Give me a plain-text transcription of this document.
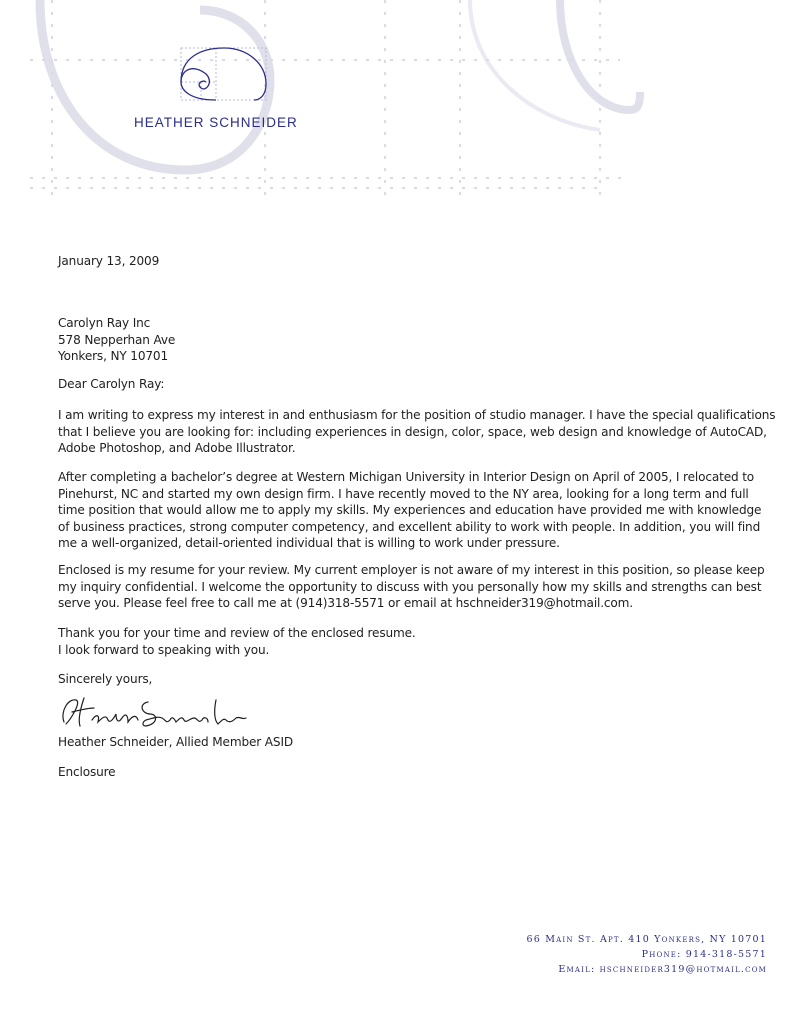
HEATHER SCHNEIDER
January 13, 2009
Carolyn Ray Inc
578 Nepperhan Ave
Yonkers, NY 10701
Dear Carolyn Ray:
I am writing to express my interest in and enthusiasm for the position of studio manager. I have the special qualifications
that I believe you are looking for: including experiences in design, color, space, web design and knowledge of AutoCAD,
Adobe Photoshop, and Adobe Illustrator.
After completing a bachelor’s degree at Western Michigan University in Interior Design on April of 2005, I relocated to
Pinehurst, NC and started my own design firm. I have recently moved to the NY area, looking for a long term and full
time position that would allow me to apply my skills. My experiences and education have provided me with knowledge
of business practices, strong computer competency, and excellent ability to work with people. In addition, you will find
me a well-organized, detail-oriented individual that is willing to work under pressure.
Enclosed is my resume for your review. My current employer is not aware of my interest in this position, so please keep
my inquiry confidential. I welcome the opportunity to discuss with you personally how my skills and strengths can best
serve you. Please feel free to call me at (914)318-5571 or email at hschneider319@hotmail.com.
Thank you for your time and review of the enclosed resume.
I look forward to speaking with you.
Sincerely yours,
Heather Schneider, Allied Member ASID
Enclosure
66 Main St. Apt. 410 Yonkers, NY 10701
Phone: 914-318-5571
Email: hschneider319@hotmail.com
